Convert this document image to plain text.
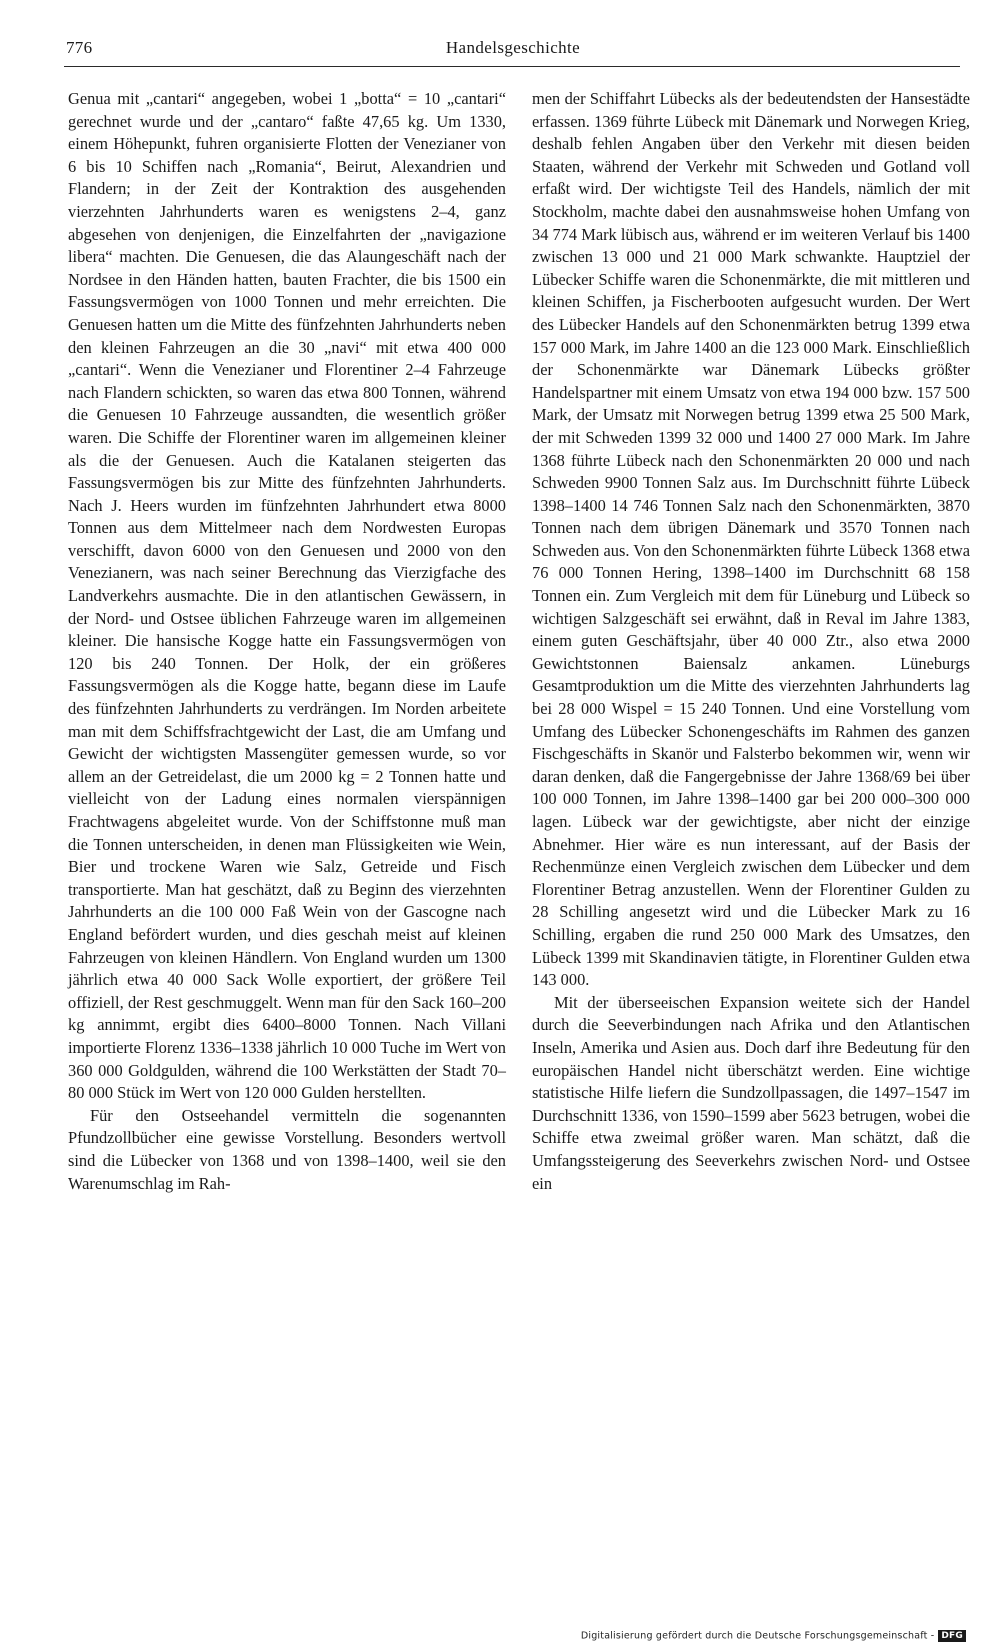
776	Handelsgeschichte

Genua mit „cantari“ angegeben, wobei 1 „botta“ = 10 „cantari“ gerechnet wurde und der „cantaro“ faßte 47,65 kg. Um 1330, einem Höhepunkt, fuhren organisierte Flotten der Venezianer von 6 bis 10 Schiffen nach „Romania“, Beirut, Alexandrien und Flandern; in der Zeit der Kontraktion des ausgehenden vierzehnten Jahrhunderts waren es wenigstens 2–4, ganz abgesehen von denjenigen, die Einzelfahrten der „navigazione libera“ machten. Die Genuesen, die das Alaungeschäft nach der Nordsee in den Händen hatten, bauten Frachter, die bis 1500 ein Fassungsvermögen von 1000 Tonnen und mehr erreichten. Die Genuesen hatten um die Mitte des fünfzehnten Jahrhunderts neben den kleinen Fahrzeugen an die 30 „navi“ mit etwa 400 000 „cantari“. Wenn die Venezianer und Florentiner 2–4 Fahrzeuge nach Flandern schickten, so waren das etwa 800 Tonnen, während die Genuesen 10 Fahrzeuge aussandten, die wesentlich größer waren. Die Schiffe der Florentiner waren im allgemeinen kleiner als die der Genuesen. Auch die Katalanen steigerten das Fassungsvermögen bis zur Mitte des fünfzehnten Jahrhunderts. Nach J. Heers wurden im fünfzehnten Jahrhundert etwa 8000 Tonnen aus dem Mittelmeer nach dem Nordwesten Europas verschifft, davon 6000 von den Genuesen und 2000 von den Venezianern, was nach seiner Berechnung das Vierzigfache des Landverkehrs ausmachte. Die in den atlantischen Gewässern, in der Nord- und Ostsee üblichen Fahrzeuge waren im allgemeinen kleiner. Die hansische Kogge hatte ein Fassungsvermögen von 120 bis 240 Tonnen. Der Holk, der ein größeres Fassungsvermögen als die Kogge hatte, begann diese im Laufe des fünfzehnten Jahrhunderts zu verdrängen. Im Norden arbeitete man mit dem Schiffsfrachtgewicht der Last, die am Umfang und Gewicht der wichtigsten Massengüter gemessen wurde, so vor allem an der Getreidelast, die um 2000 kg = 2 Tonnen hatte und vielleicht von der Ladung eines normalen vierspännigen Frachtwagens abgeleitet wurde. Von der Schiffstonne muß man die Tonnen unterscheiden, in denen man Flüssigkeiten wie Wein, Bier und trockene Waren wie Salz, Getreide und Fisch transportierte. Man hat geschätzt, daß zu Beginn des vierzehnten Jahrhunderts an die 100 000 Faß Wein von der Gascogne nach England befördert wurden, und dies geschah meist auf kleinen Fahrzeugen von kleinen Händlern. Von England wurden um 1300 jährlich etwa 40 000 Sack Wolle exportiert, der größere Teil offiziell, der Rest geschmuggelt. Wenn man für den Sack 160–200 kg annimmt, ergibt dies 6400–8000 Tonnen. Nach Villani importierte Florenz 1336–1338 jährlich 10 000 Tuche im Wert von 360 000 Goldgulden, während die 100 Werkstätten der Stadt 70–80 000 Stück im Wert von 120 000 Gulden herstellten.

Für den Ostseehandel vermitteln die sogenannten Pfundzollbücher eine gewisse Vorstellung. Besonders wertvoll sind die Lübecker von 1368 und von 1398–1400, weil sie den Warenumschlag im Rah-

men der Schiffahrt Lübecks als der bedeutendsten der Hansestädte erfassen. 1369 führte Lübeck mit Dänemark und Norwegen Krieg, deshalb fehlen Angaben über den Verkehr mit diesen beiden Staaten, während der Verkehr mit Schweden und Gotland voll erfaßt wird. Der wichtigste Teil des Handels, nämlich der mit Stockholm, machte dabei den ausnahmsweise hohen Umfang von 34 774 Mark lübisch aus, während er im weiteren Verlauf bis 1400 zwischen 13 000 und 21 000 Mark schwankte. Hauptziel der Lübecker Schiffe waren die Schonenmärkte, die mit mittleren und kleinen Schiffen, ja Fischerbooten aufgesucht wurden. Der Wert des Lübecker Handels auf den Schonenmärkten betrug 1399 etwa 157 000 Mark, im Jahre 1400 an die 123 000 Mark. Einschließlich der Schonenmärkte war Dänemark Lübecks größter Handelspartner mit einem Umsatz von etwa 194 000 bzw. 157 500 Mark, der Umsatz mit Norwegen betrug 1399 etwa 25 500 Mark, der mit Schweden 1399 32 000 und 1400 27 000 Mark. Im Jahre 1368 führte Lübeck nach den Schonenmärkten 20 000 und nach Schweden 9900 Tonnen Salz aus. Im Durchschnitt führte Lübeck 1398–1400 14 746 Tonnen Salz nach den Schonenmärkten, 3870 Tonnen nach dem übrigen Dänemark und 3570 Tonnen nach Schweden aus. Von den Schonenmärkten führte Lübeck 1368 etwa 76 000 Tonnen Hering, 1398–1400 im Durchschnitt 68 158 Tonnen ein. Zum Vergleich mit dem für Lüneburg und Lübeck so wichtigen Salzgeschäft sei erwähnt, daß in Reval im Jahre 1383, einem guten Geschäftsjahr, über 40 000 Ztr., also etwa 2000 Gewichtstonnen Baiensalz ankamen. Lüneburgs Gesamtproduktion um die Mitte des vierzehnten Jahrhunderts lag bei 28 000 Wispel = 15 240 Tonnen. Und eine Vorstellung vom Umfang des Lübecker Schonengeschäfts im Rahmen des ganzen Fischgeschäfts in Skanör und Falsterbo bekommen wir, wenn wir daran denken, daß die Fangergebnisse der Jahre 1368/69 bei über 100 000 Tonnen, im Jahre 1398–1400 gar bei 200 000–300 000 lagen. Lübeck war der gewichtigste, aber nicht der einzige Abnehmer. Hier wäre es nun interessant, auf der Basis der Rechenmünze einen Vergleich zwischen dem Lübecker und dem Florentiner Betrag anzustellen. Wenn der Florentiner Gulden zu 28 Schilling angesetzt wird und die Lübecker Mark zu 16 Schilling, ergaben die rund 250 000 Mark des Umsatzes, den Lübeck 1399 mit Skandinavien tätigte, in Florentiner Gulden etwa 143 000.

Mit der überseeischen Expansion weitete sich der Handel durch die Seeverbindungen nach Afrika und den Atlantischen Inseln, Amerika und Asien aus. Doch darf ihre Bedeutung für den europäischen Handel nicht überschätzt werden. Eine wichtige statistische Hilfe liefern die Sundzollpassagen, die 1497–1547 im Durchschnitt 1336, von 1590–1599 aber 5623 betrugen, wobei die Schiffe etwa zweimal größer waren. Man schätzt, daß die Umfangssteigerung des Seeverkehrs zwischen Nord- und Ostsee ein

Digitalisierung gefördert durch die Deutsche Forschungsgemeinschaft - DFG
